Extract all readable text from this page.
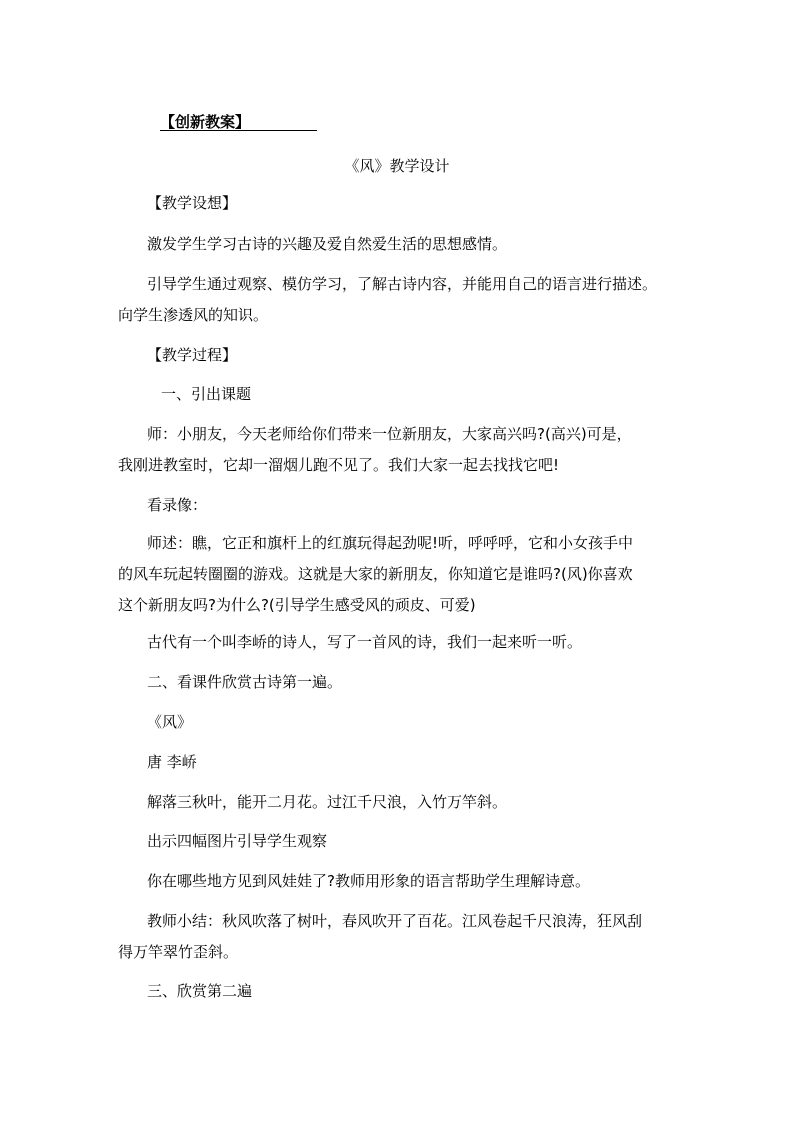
【创新教案】
《风》教学设计
【教学设想】
激发学生学习古诗的兴趣及爱自然爱生活的思想感情。
引导学生通过观察、模仿学习，了解古诗内容，并能用自己的语言进行描述。
向学生渗透风的知识。
【教学过程】
一、引出课题
师：小朋友，今天老师给你们带来一位新朋友，大家高兴吗?(高兴)可是，
我刚进教室时，它却一溜烟儿跑不见了。我们大家一起去找找它吧!
看录像：
师述：瞧，它正和旗杆上的红旗玩得起劲呢!听，呼呼呼，它和小女孩手中
的风车玩起转圈圈的游戏。这就是大家的新朋友，你知道它是谁吗?(风)你喜欢
这个新朋友吗?为什么?(引导学生感受风的顽皮、可爱)
古代有一个叫李峤的诗人，写了一首风的诗，我们一起来听一听。
二、看课件欣赏古诗第一遍。
《风》
唐 李峤
解落三秋叶，能开二月花。过江千尺浪，入竹万竿斜。
出示四幅图片引导学生观察
你在哪些地方见到风娃娃了?教师用形象的语言帮助学生理解诗意。
教师小结：秋风吹落了树叶，春风吹开了百花。江风卷起千尺浪涛，狂风刮
得万竿翠竹歪斜。
三、欣赏第二遍
